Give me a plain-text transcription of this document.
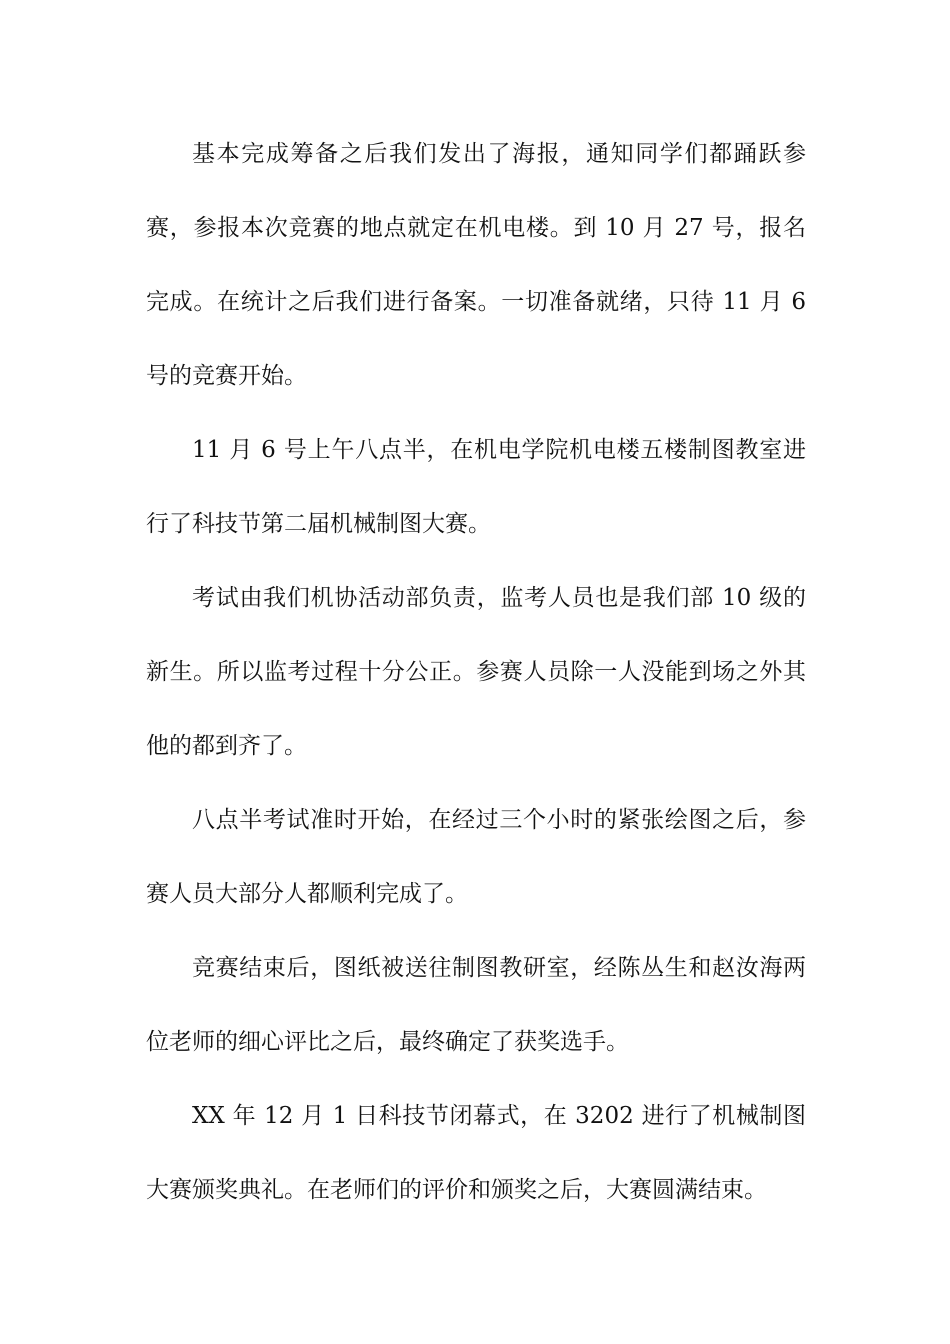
基本完成筹备之后我们发出了海报，通知同学们都踊跃参赛，参报本次竞赛的地点就定在机电楼。到 10 月 27 号，报名完成。在统计之后我们进行备案。一切准备就绪，只待 11 月 6 号的竞赛开始。

11 月 6 号上午八点半，在机电学院机电楼五楼制图教室进行了科技节第二届机械制图大赛。

考试由我们机协活动部负责，监考人员也是我们部 10 级的新生。所以监考过程十分公正。参赛人员除一人没能到场之外其他的都到齐了。

八点半考试准时开始，在经过三个小时的紧张绘图之后，参赛人员大部分人都顺利完成了。

竞赛结束后，图纸被送往制图教研室，经陈丛生和赵汝海两位老师的细心评比之后，最终确定了获奖选手。

XX 年 12 月 1 日科技节闭幕式，在 3202 进行了机械制图大赛颁奖典礼。在老师们的评价和颁奖之后，大赛圆满结束。
